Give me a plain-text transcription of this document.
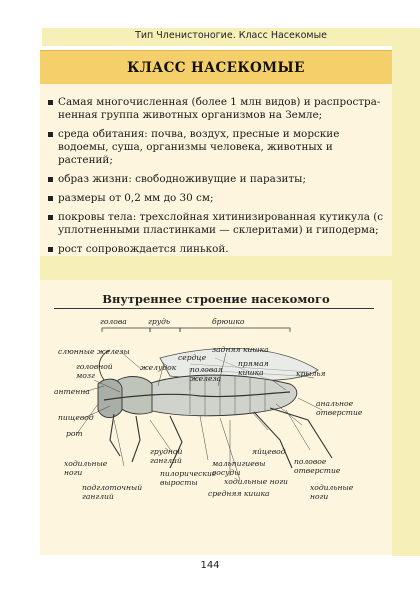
Тип Членистоногие. Класс Насекомые
КЛАСС НАСЕКОМЫЕ
Самая многочисленная (более 1 млн видов) и распространенная группа животных организмов на Земле;
среда обитания: почва, воздух, пресные и морские водоемы, суша, организмы человека, животных и растений;
образ жизни: свободноживущие и паразиты;
размеры от 0,2 мм до 30 см;
покровы тела: трехслойная хитинизированная кутикула (с уплотненными пластинками — склеритами) и гиподерма;
рост сопровождается линькой.
Внутреннее строение насекомого
голова	грудь	брюшко
слюнные железы
сердце
задняя кишка
головной мозг
желудок половая железа
прямая кишка	крылья
антенна
пищевод
анальное отверстие
рот
грудной ганглий
яйцевод
ходильные ноги
мальпигиевы сосуды
половое отверстие
пилорические выросты	ходильные ноги
ходильные ноги
подглоточный ганглий	средняя кишка
144
